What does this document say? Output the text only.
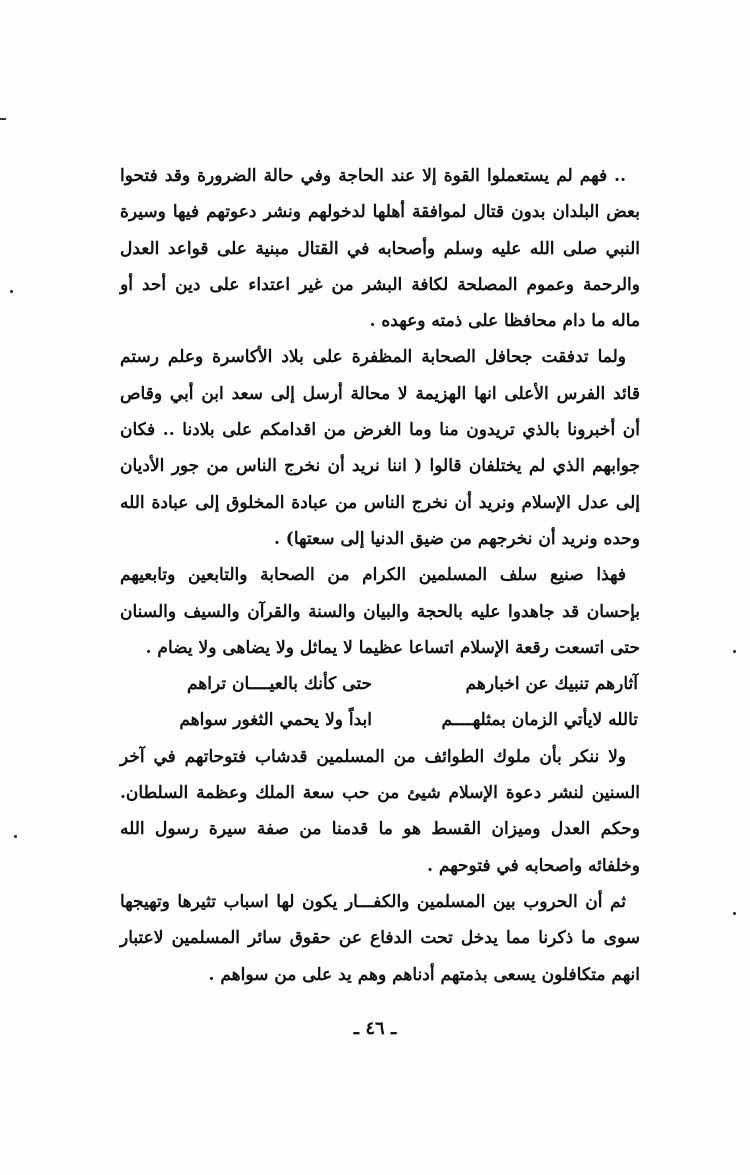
.. فهم لم يستعملوا القوة إلا عند الحاجة وفي حالة الضرورة وقد فتحوا بعض البلدان بدون قتال لموافقة أهلها لدخولهم ونشر دعوتهم فيها وسيرة النبي صلى الله عليه وسلم وأصحابه في القتال مبنية على قواعد العدل والرحمة وعموم المصلحة لكافة البشر من غير اعتداء على دين أحد أو ماله ما دام محافظا على ذمته وعهده .

ولما تدفقت جحافل الصحابة المظفرة على بلاد الأكاسرة وعلم رستم قائد الفرس الأعلى انها الهزيمة لا محالة أرسل إلى سعد ابن أبي وقاص أن أخبرونا بالذي تريدون منا وما الغرض من اقدامكم على بلادنا .. فكان جوابهم الذي لم يختلفان قالوا ( اننا نريد أن نخرج الناس من جور الأديان إلى عدل الإسلام ونريد أن نخرج الناس من عبادة المخلوق إلى عبادة الله وحده ونريد أن نخرجهم من ضيق الدنيا إلى سعتها) .

فهذا صنيع سلف المسلمين الكرام من الصحابة والتابعين وتابعيهم بإحسان قد جاهدوا عليه بالحجة والبيان والسنة والقرآن والسيف والسنان حتى اتسعت رقعة الإسلام اتساعا عظيما لا يماثل ولا يضاهى ولا يضام .

آثارهم تنبيك عن اخبارهم
حتى كأنك بالعيــــان تراهم
تالله لايأتي الزمان بمثلهــــم
ابداً ولا يحمي الثغور سواهم

ولا ننكر بأن ملوك الطوائف من المسلمين قدشاب فتوحاتهم في آخر السنين لنشر دعوة الإسلام شيئ من حب سعة الملك وعظمة السلطان. وحكم العدل وميزان القسط هو ما قدمنا من صفة سيرة رسول الله وخلفائه واصحابه في فتوحهم .

ثم أن الحروب بين المسلمين والكفـــار يكون لها اسباب تثيرها وتهيجها سوى ما ذكرنا مما يدخل تحت الدفاع عن حقوق سائر المسلمين لاعتبار انهم متكافلون يسعى بذمتهم أدناهم وهم يد على من سواهم .

ـ ٤٦ ـ
